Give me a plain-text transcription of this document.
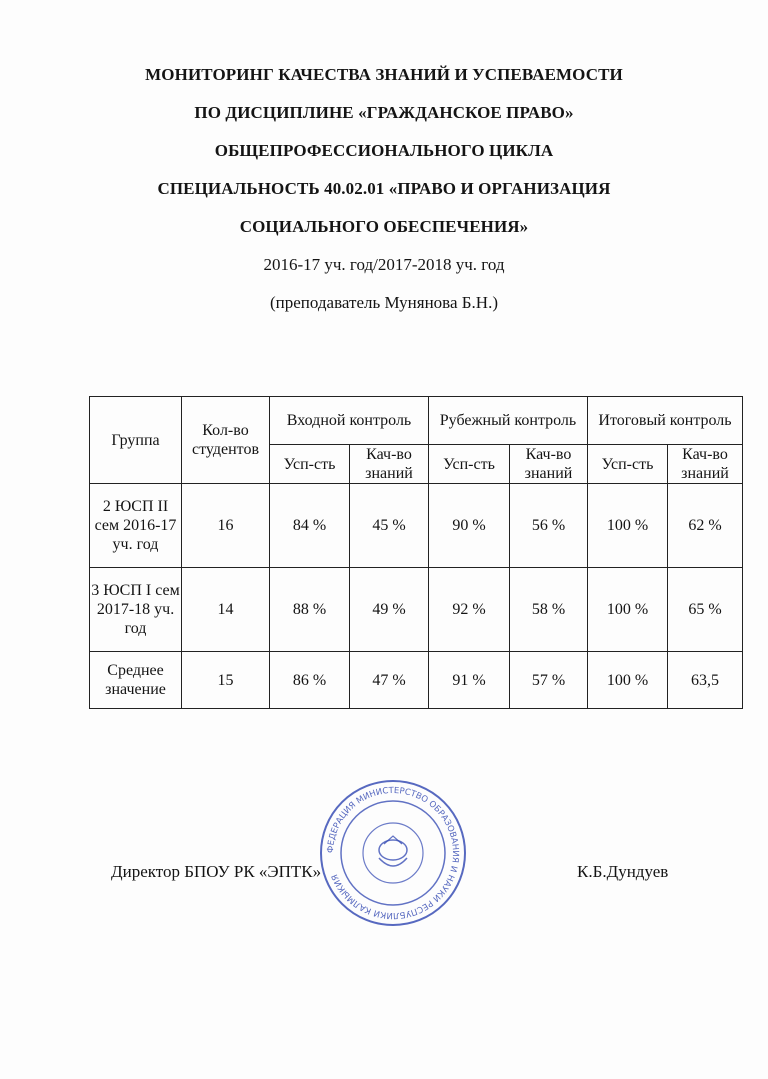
МОНИТОРИНГ КАЧЕСТВА ЗНАНИЙ И УСПЕВАЕМОСТИ
ПО ДИСЦИПЛИНЕ «ГРАЖДАНСКОЕ ПРАВО»
ОБЩЕПРОФЕССИОНАЛЬНОГО ЦИКЛА
СПЕЦИАЛЬНОСТЬ 40.02.01 «ПРАВО И ОРГАНИЗАЦИЯ
СОЦИАЛЬНОГО ОБЕСПЕЧЕНИЯ»
2016-17 уч. год/2017-2018 уч. год
(преподаватель Мунянова Б.Н.)
Группа	Кол-во студентов	Входной контроль		Рубежный контроль		Итоговый контроль	
		Усп-сть	Кач-во знаний	Усп-сть	Кач-во знаний	Усп-сть	Кач-во знаний
2 ЮСП II сем 2016-17 уч. год	16	84 %	45 %	90 %	56 %	100 %	62 %
3 ЮСП I сем 2017-18 уч. год	14	88 %	49 %	92 %	58 %	100 %	65 %
Среднее значение	15	86 %	47 %	91 %	57 %	100 %	63,5
Директор БПОУ РК «ЭПТК»	К.Б.Дундуев
ФЕДЕРАЦИЯ МИНИСТЕРСТВО ОБРАЗОВАНИЯ И НАУКИ РЕСПУБЛИКИ КАЛМЫКИЯ
